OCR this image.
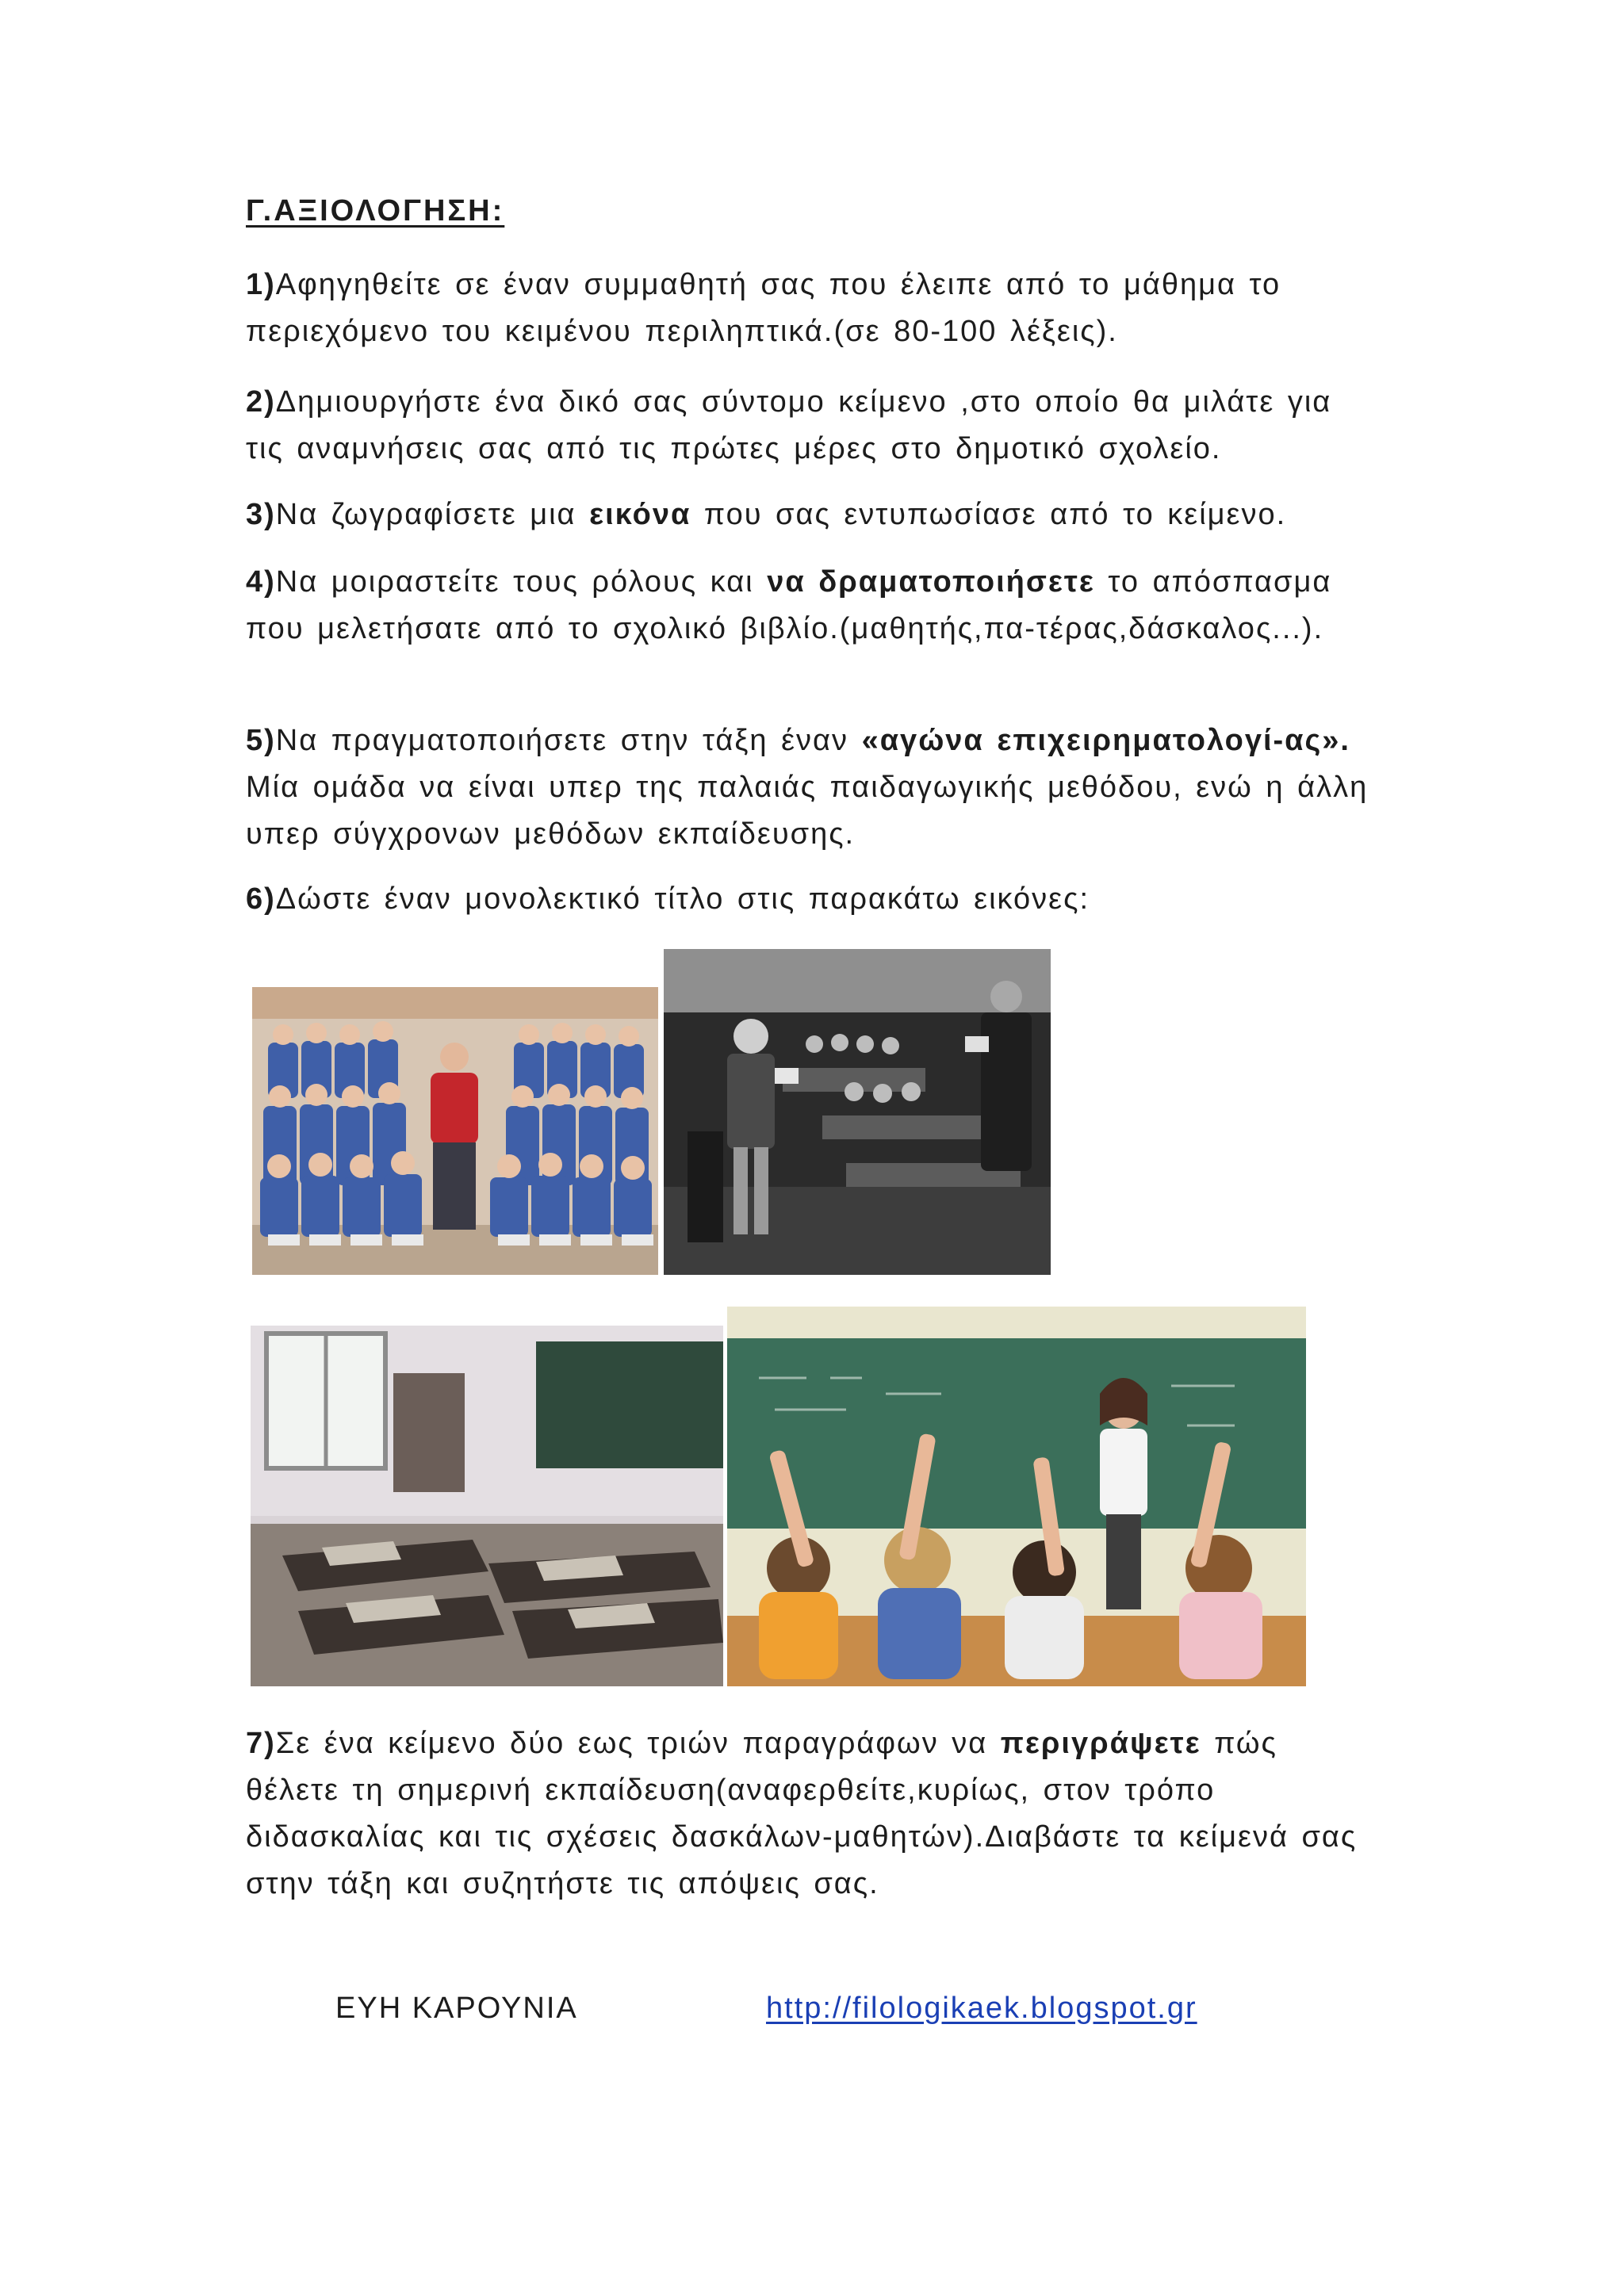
Γ.ΑΞΙΟΛΟΓΗΣΗ:
1)Αφηγηθείτε σε έναν συμμαθητή σας που έλειπε από το μάθημα το περιεχόμενο του κειμένου περιληπτικά.(σε 80-100 λέξεις).
2)Δημιουργήστε ένα δικό σας σύντομο κείμενο ,στο οποίο θα μιλάτε για τις αναμνήσεις σας από τις πρώτες μέρες στο δημοτικό σχολείο.
3)Να ζωγραφίσετε μια εικόνα που σας εντυπωσίασε από το κείμενο.
4)Να μοιραστείτε τους ρόλους και να δραματοποιήσετε το απόσπασμα που μελετήσατε από το σχολικό βιβλίο.(μαθητής,πα-τέρας,δάσκαλος...).
5)Να πραγματοποιήσετε στην τάξη έναν «αγώνα επιχειρηματολογί-ας». Μία ομάδα να είναι υπερ της παλαιάς παιδαγωγικής μεθόδου, ενώ η άλλη υπερ σύγχρονων μεθόδων εκπαίδευσης.
6)Δώστε έναν μονολεκτικό τίτλο στις παρακάτω εικόνες:
7)Σε ένα κείμενο δύο εως τριών παραγράφων να περιγράψετε πώς θέλετε τη σημερινή εκπαίδευση(αναφερθείτε,κυρίως, στον τρόπο διδασκαλίας και τις σχέσεις δασκάλων-μαθητών).Διαβάστε τα κείμενά σας στην τάξη και συζητήστε τις απόψεις σας.
ΕΥΗ ΚΑΡΟΥΝΙΑ	http://filologikaek.blogspot.gr
